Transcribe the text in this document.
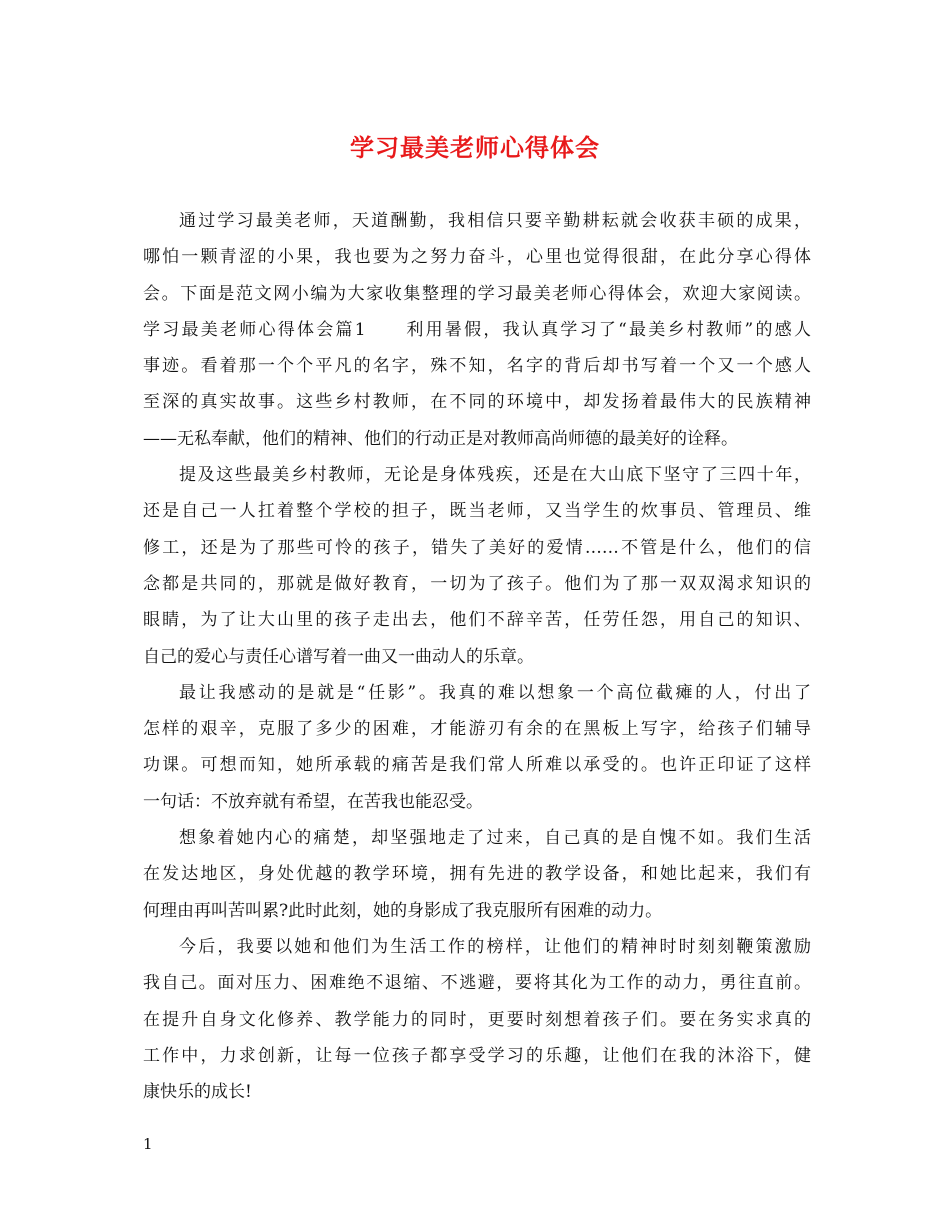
学习最美老师心得体会
通过学习最美老师，天道酬勤，我相信只要辛勤耕耘就会收获丰硕的成果，
哪怕一颗青涩的小果，我也要为之努力奋斗，心里也觉得很甜，在此分享心得体
会。下面是范文网小编为大家收集整理的学习最美老师心得体会，欢迎大家阅读。
学习最美老师心得体会篇1　　利用暑假，我认真学习了“最美乡村教师”的感人
事迹。看着那一个个平凡的名字，殊不知，名字的背后却书写着一个又一个感人
至深的真实故事。这些乡村教师，在不同的环境中，却发扬着最伟大的民族精神
——无私奉献，他们的精神、他们的行动正是对教师高尚师德的最美好的诠释。
提及这些最美乡村教师，无论是身体残疾，还是在大山底下坚守了三四十年，
还是自己一人扛着整个学校的担子，既当老师，又当学生的炊事员、管理员、维
修工，还是为了那些可怜的孩子，错失了美好的爱情……不管是什么，他们的信
念都是共同的，那就是做好教育，一切为了孩子。他们为了那一双双渴求知识的
眼睛，为了让大山里的孩子走出去，他们不辞辛苦，任劳任怨，用自己的知识、
自己的爱心与责任心谱写着一曲又一曲动人的乐章。
最让我感动的是就是“任影”。我真的难以想象一个高位截瘫的人，付出了
怎样的艰辛，克服了多少的困难，才能游刃有余的在黑板上写字，给孩子们辅导
功课。可想而知，她所承载的痛苦是我们常人所难以承受的。也许正印证了这样
一句话：不放弃就有希望，在苦我也能忍受。
想象着她内心的痛楚，却坚强地走了过来，自己真的是自愧不如。我们生活
在发达地区，身处优越的教学环境，拥有先进的教学设备，和她比起来，我们有
何理由再叫苦叫累?此时此刻，她的身影成了我克服所有困难的动力。
今后，我要以她和他们为生活工作的榜样，让他们的精神时时刻刻鞭策激励
我自己。面对压力、困难绝不退缩、不逃避，要将其化为工作的动力，勇往直前。
在提升自身文化修养、教学能力的同时，更要时刻想着孩子们。要在务实求真的
工作中，力求创新，让每一位孩子都享受学习的乐趣，让他们在我的沐浴下，健
康快乐的成长!
1
